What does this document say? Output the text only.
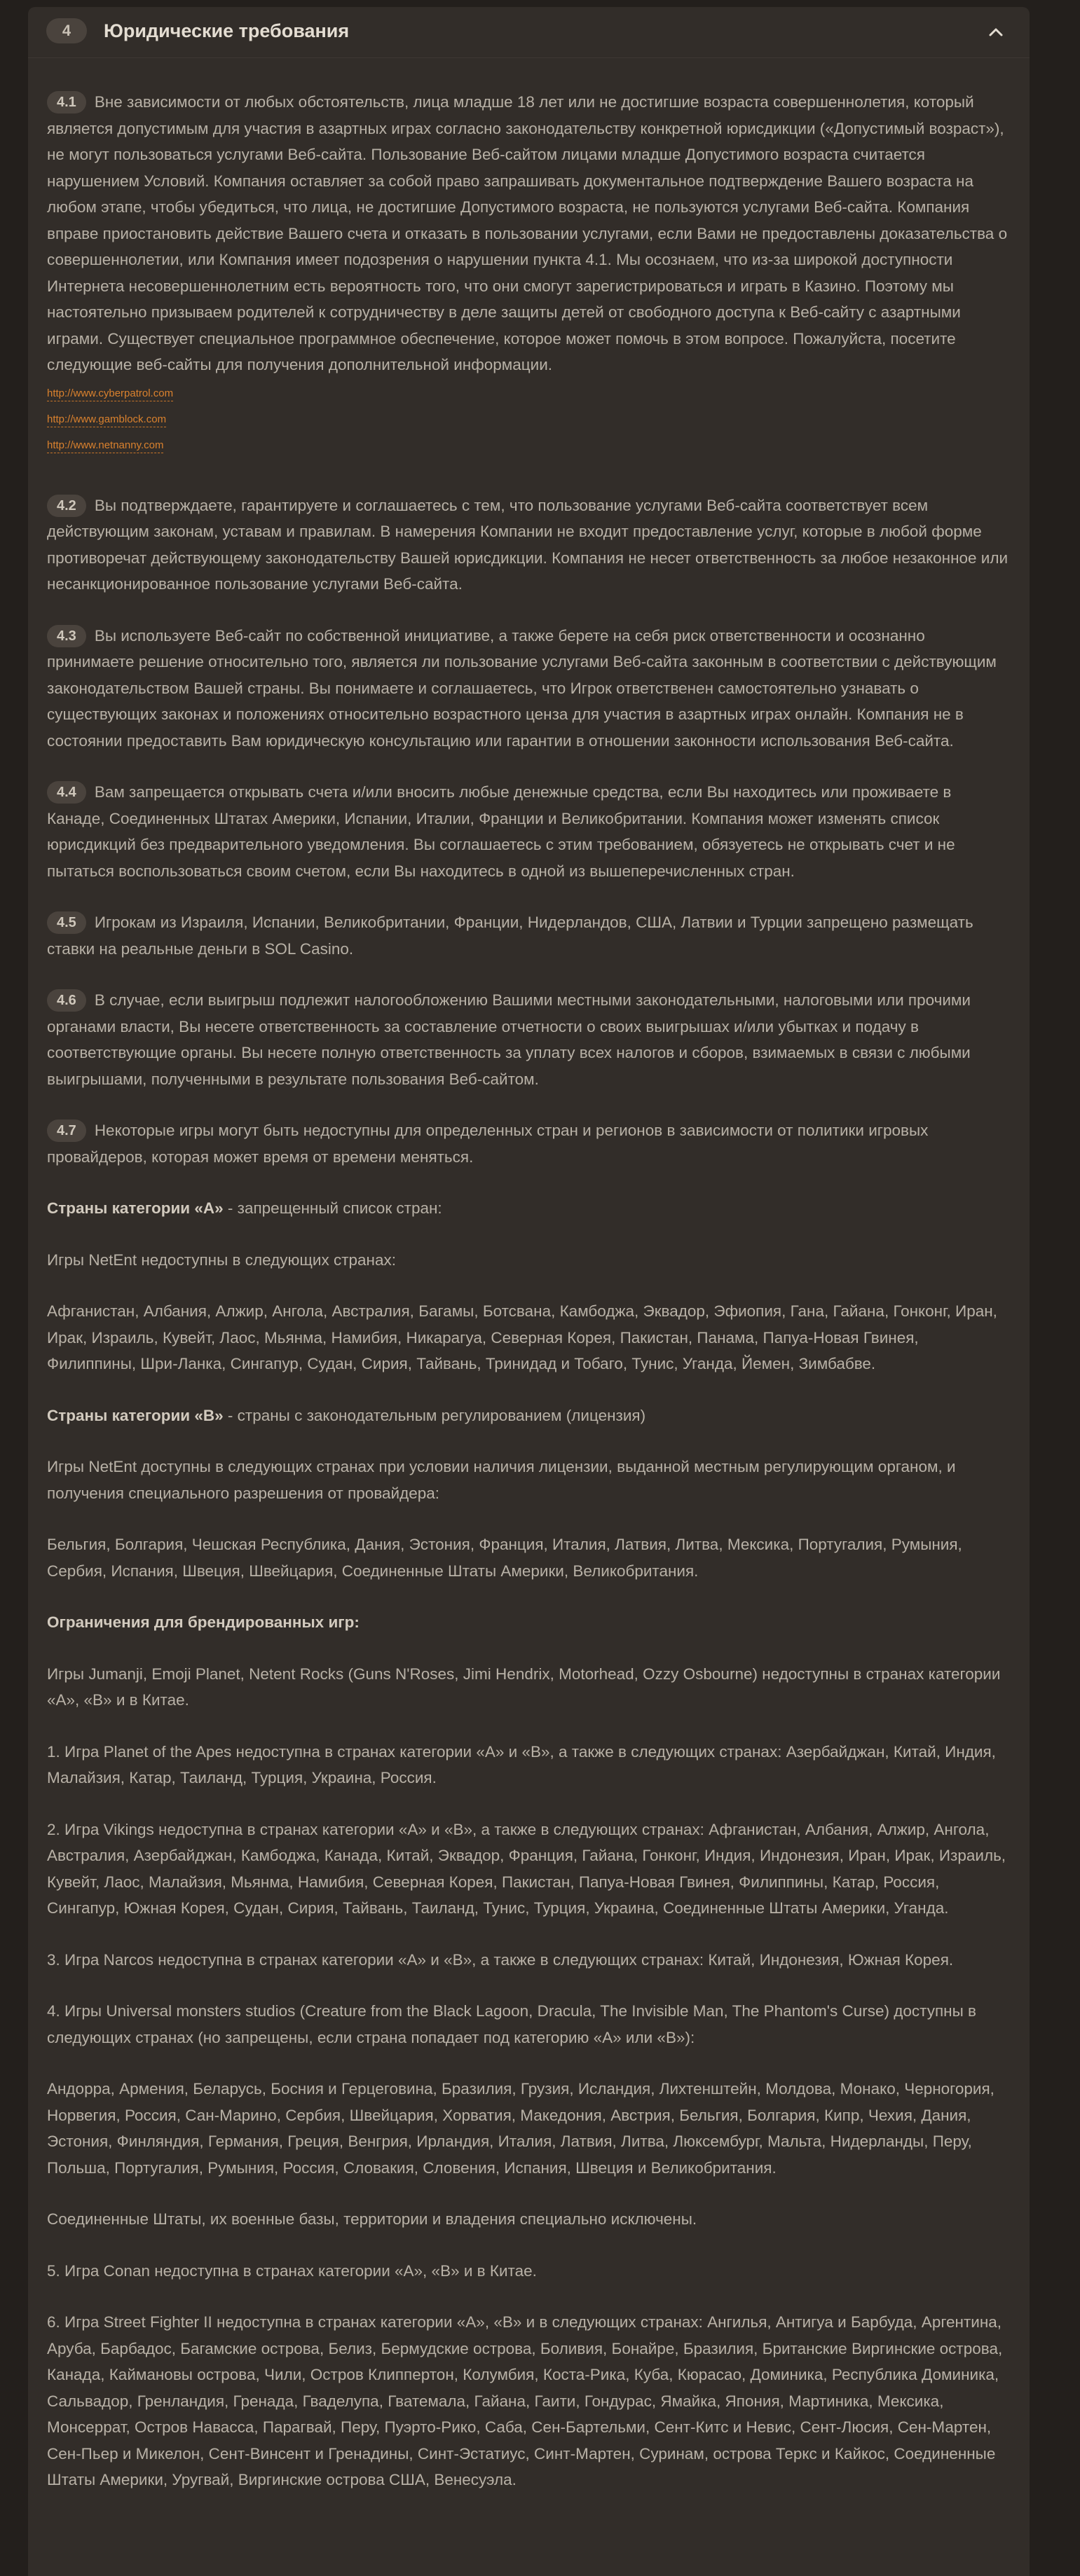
4	Юридические требования

4.1 Вне зависимости от любых обстоятельств, лица младше 18 лет или не достигшие возраста совершеннолетия, который является допустимым для участия в азартных играх согласно законодательству конкретной юрисдикции («Допустимый возраст»), не могут пользоваться услугами Веб-сайта. Пользование Веб-сайтом лицами младше Допустимого возраста считается нарушением Условий. Компания оставляет за собой право запрашивать документальное подтверждение Вашего возраста на любом этапе, чтобы убедиться, что лица, не достигшие Допустимого возраста, не пользуются услугами Веб-сайта. Компания вправе приостановить действие Вашего счета и отказать в пользовании услугами, если Вами не предоставлены доказательства о совершеннолетии, или Компания имеет подозрения о нарушении пункта 4.1. Мы осознаем, что из-за широкой доступности Интернета несовершеннолетним есть вероятность того, что они смогут зарегистрироваться и играть в Казино. Поэтому мы настоятельно призываем родителей к сотрудничеству в деле защиты детей от свободного доступа к Веб-сайту с азартными играми. Существует специальное программное обеспечение, которое может помочь в этом вопросе. Пожалуйста, посетите следующие веб-сайты для получения дополнительной информации.

http://www.cyberpatrol.com
http://www.gamblock.com
http://www.netnanny.com

4.2 Вы подтверждаете, гарантируете и соглашаетесь с тем, что пользование услугами Веб-сайта соответствует всем действующим законам, уставам и правилам. В намерения Компании не входит предоставление услуг, которые в любой форме противоречат действующему законодательству Вашей юрисдикции. Компания не несет ответственность за любое незаконное или несанкционированное пользование услугами Веб-сайта.

4.3 Вы используете Веб-сайт по собственной инициативе, а также берете на себя риск ответственности и осознанно принимаете решение относительно того, является ли пользование услугами Веб-сайта законным в соответствии с действующим законодательством Вашей страны. Вы понимаете и соглашаетесь, что Игрок ответственен самостоятельно узнавать о существующих законах и положениях относительно возрастного ценза для участия в азартных играх онлайн. Компания не в состоянии предоставить Вам юридическую консультацию или гарантии в отношении законности использования Веб-сайта.

4.4 Вам запрещается открывать счета и/или вносить любые денежные средства, если Вы находитесь или проживаете в Канаде, Соединенных Штатах Америки, Испании, Италии, Франции и Великобритании. Компания может изменять список юрисдикций без предварительного уведомления. Вы соглашаетесь с этим требованием, обязуетесь не открывать счет и не пытаться воспользоваться своим счетом, если Вы находитесь в одной из вышеперечисленных стран.

4.5 Игрокам из Израиля, Испании, Великобритании, Франции, Нидерландов, США, Латвии и Турции запрещено размещать ставки на реальные деньги в SOL Casino.

4.6 В случае, если выигрыш подлежит налогообложению Вашими местными законодательными, налоговыми или прочими органами власти, Вы несете ответственность за составление отчетности о своих выигрышах и/или убытках и подачу в соответствующие органы. Вы несете полную ответственность за уплату всех налогов и сборов, взимаемых в связи с любыми выигрышами, полученными в результате пользования Веб-сайтом.

4.7 Некоторые игры могут быть недоступны для определенных стран и регионов в зависимости от политики игровых провайдеров, которая может время от времени меняться.

Страны категории «А» - запрещенный список стран:

Игры NetEnt недоступны в следующих странах:

Афганистан, Албания, Алжир, Ангола, Австралия, Багамы, Ботсвана, Камбоджа, Эквадор, Эфиопия, Гана, Гайана, Гонконг, Иран, Ирак, Израиль, Кувейт, Лаос, Мьянма, Намибия, Никарагуа, Северная Корея, Пакистан, Панама, Папуа-Новая Гвинея, Филиппины, Шри-Ланка, Сингапур, Судан, Сирия, Тайвань, Тринидад и Тобаго, Тунис, Уганда, Йемен, Зимбабве.

Страны категории «В» - страны с законодательным регулированием (лицензия)

Игры NetEnt доступны в следующих странах при условии наличия лицензии, выданной местным регулирующим органом, и получения специального разрешения от провайдера:

Бельгия, Болгария, Чешская Республика, Дания, Эстония, Франция, Италия, Латвия, Литва, Мексика, Португалия, Румыния, Сербия, Испания, Швеция, Швейцария, Соединенные Штаты Америки, Великобритания.

Ограничения для брендированных игр:

Игры Jumanji, Emoji Planet, Netent Rocks (Guns N'Roses, Jimi Hendrix, Motorhead, Ozzy Osbourne) недоступны в странах категории «А», «В» и в Китае.

1. Игра Planet of the Apes недоступна в странах категории «А» и «В», а также в следующих странах: Азербайджан, Китай, Индия, Малайзия, Катар, Таиланд, Турция, Украина, Россия.

2. Игра Vikings недоступна в странах категории «А» и «В», а также в следующих странах: Афганистан, Албания, Алжир, Ангола, Австралия, Азербайджан, Камбоджа, Канада, Китай, Эквадор, Франция, Гайана, Гонконг, Индия, Индонезия, Иран, Ирак, Израиль, Кувейт, Лаос, Малайзия, Мьянма, Намибия, Северная Корея, Пакистан, Папуа-Новая Гвинея, Филиппины, Катар, Россия, Сингапур, Южная Корея, Судан, Сирия, Тайвань, Таиланд, Тунис, Турция, Украина, Соединенные Штаты Америки, Уганда.

3. Игра Narcos недоступна в странах категории «А» и «В», а также в следующих странах: Китай, Индонезия, Южная Корея.

4. Игры Universal monsters studios (Creature from the Black Lagoon, Dracula, The Invisible Man, The Phantom's Curse) доступны в следующих странах (но запрещены, если страна попадает под категорию «А» или «В»):

Андорра, Армения, Беларусь, Босния и Герцеговина, Бразилия, Грузия, Исландия, Лихтенштейн, Молдова, Монако, Черногория, Норвегия, Россия, Сан-Марино, Сербия, Швейцария, Хорватия, Македония, Австрия, Бельгия, Болгария, Кипр, Чехия, Дания, Эстония, Финляндия, Германия, Греция, Венгрия, Ирландия, Италия, Латвия, Литва, Люксембург, Мальта, Нидерланды, Перу, Польша, Португалия, Румыния, Россия, Словакия, Словения, Испания, Швеция и Великобритания.

Соединенные Штаты, их военные базы, территории и владения специально исключены.

5. Игра Conan недоступна в странах категории «А», «В» и в Китае.

6. Игра Street Fighter II недоступна в странах категории «А», «В» и в следующих странах: Ангилья, Антигуа и Барбуда, Аргентина, Аруба, Барбадос, Багамские острова, Белиз, Бермудские острова, Боливия, Бонайре, Бразилия, Британские Виргинские острова, Канада, Каймановы острова, Чили, Остров Клиппертон, Колумбия, Коста-Рика, Куба, Кюрасао, Доминика, Республика Доминика, Сальвадор, Гренландия, Гренада, Гваделупа, Гватемала, Гайана, Гаити, Гондурас, Ямайка, Япония, Мартиника, Мексика, Монсеррат, Остров Навасса, Парагвай, Перу, Пуэрто-Рико, Саба, Сен-Бартельми, Сент-Китс и Невис, Сент-Люсия, Сен-Мартен, Сен-Пьер и Микелон, Сент-Винсент и Гренадины, Синт-Эстатиус, Синт-Мартен, Суринам, острова Теркс и Кайкос, Соединенные Штаты Америки, Уругвай, Виргинские острова США, Венесуэла.
